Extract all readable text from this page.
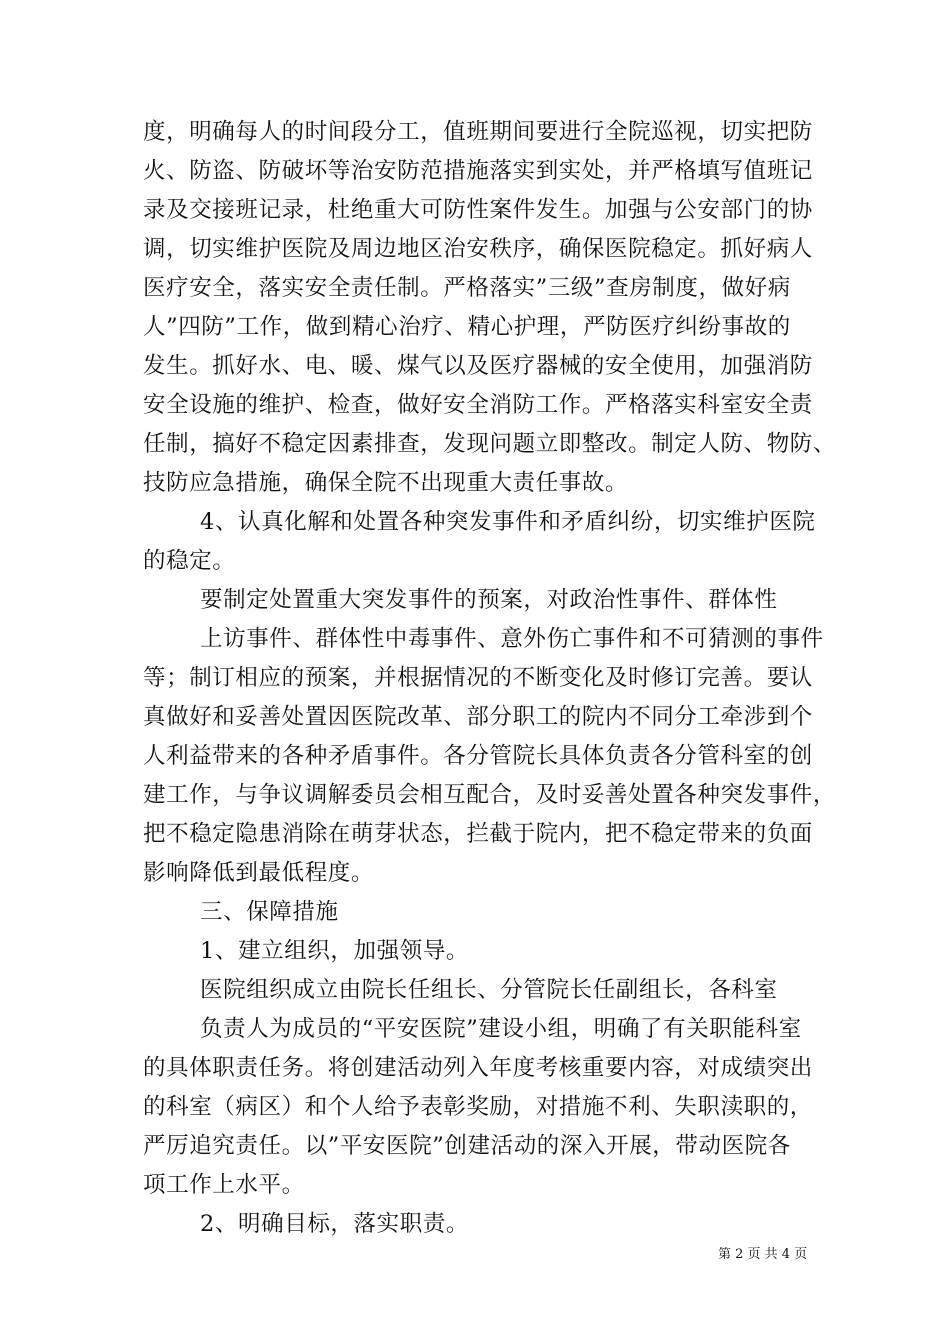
度，明确每人的时间段分工，值班期间要进行全院巡视，切实把防
火、防盗、防破坏等治安防范措施落实到实处，并严格填写值班记
录及交接班记录，杜绝重大可防性案件发生。加强与公安部门的协
调，切实维护医院及周边地区治安秩序，确保医院稳定。抓好病人
医疗安全，落实安全责任制。严格落实”三级”查房制度，做好病
人”四防”工作，做到精心治疗、精心护理，严防医疗纠纷事故的
发生。抓好水、电、暖、煤气以及医疗器械的安全使用，加强消防
安全设施的维护、检查，做好安全消防工作。严格落实科室安全责
任制，搞好不稳定因素排查，发现问题立即整改。制定人防、物防、
技防应急措施，确保全院不出现重大责任事故。
4、认真化解和处置各种突发事件和矛盾纠纷，切实维护医院
的稳定。
要制定处置重大突发事件的预案，对政治性事件、群体性
上访事件、群体性中毒事件、意外伤亡事件和不可猜测的事件
等；制订相应的预案，并根据情况的不断变化及时修订完善。要认
真做好和妥善处置因医院改革、部分职工的院内不同分工牵涉到个
人利益带来的各种矛盾事件。各分管院长具体负责各分管科室的创
建工作，与争议调解委员会相互配合，及时妥善处置各种突发事件，
把不稳定隐患消除在萌芽状态，拦截于院内，把不稳定带来的负面
影响降低到最低程度。
三、保障措施
1、建立组织，加强领导。
医院组织成立由院长任组长、分管院长任副组长，各科室
负责人为成员的“平安医院”建设小组，明确了有关职能科室
的具体职责任务。将创建活动列入年度考核重要内容，对成绩突出
的科室（病区）和个人给予表彰奖励，对措施不利、失职渎职的，
严厉追究责任。以”平安医院”创建活动的深入开展，带动医院各
项工作上水平。
2、明确目标，落实职责。
第 2 页 共 4 页
